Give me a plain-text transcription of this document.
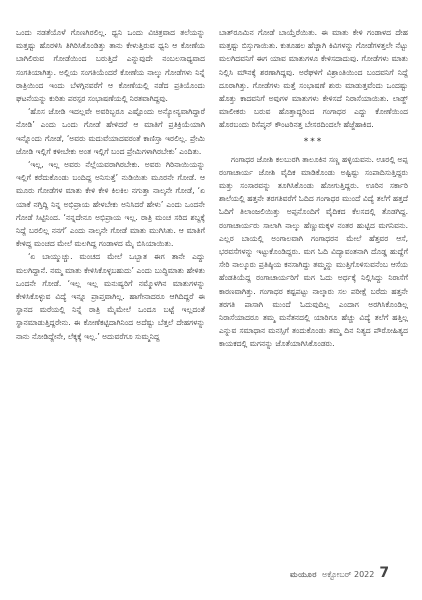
ಒಂದು ನಡತೆಯೊಳೆ ಗೊಣಗಿರಲಿಲ್ಲ. ಧ್ವನಿ ಒಂದು ವಿಚಿತ್ರವಾದ ತಲೆಯನ್ನು ಮತ್ತಷ್ಟು ಹೊರಳಿಸಿ ತಿಗಿರಿಸಿಕೊಂಡಿತ್ತು ತಾನು ಕೇಳುತ್ತಿರುವ ಧ್ವನಿ ಆ ಕೋಣೆಯ ಬಾಗಿಲಿರುವ ಗೋಡೆಯಿಂದ ಬರುತ್ತಿದೆ ಎನ್ನುವುದೇ ನಂಬಲಸಾಧ್ಯವಾದ ಸಂಗತಿಯಾಗಿತ್ತು. ಅಲ್ಲಿಯ ಸಂಗತಿಯೆಂದರೆ ಕೋಣೆಯ ನಾಲ್ಕು ಗೋಡೆಗಳು ನಿನ್ನೆ ರಾತ್ರಿಯಿಂದ ಇಂದು ಬೆಳಗ್ಗಿನವರೆಗೆ ಆ ಕೋಣೆಯಲ್ಲಿ ನಡೆದ ಪ್ರತಿಯೊಂದು ಘಟನೆಯನ್ನು ಕುರಿತು ಪರಸ್ಪರ ಸಂಭಾಷಣೆಯಲ್ಲಿ ನಿರತವಾಗಿದ್ದವು.

‘ಹೊಸ ಜೋಡಿ ಇದಲ್ಲವೇ ಅವರಿಬ್ಬರೂ ಎಷ್ಟೊಂದು ಅನ್ಯೋನ್ಯವಾಗಿದ್ದಾರೆ ನೋಡಿ’ ಎಂದು ಒಂದು ಗೋಡೆ ಹೇಳಿದರೆ ಆ ಮಾತಿಗೆ ಪ್ರತಿಕ್ರಿಯೆಯಾಗಿ ಇನ್ನೊಂದು ಗೋಡೆ, ‘ಅವರು ಮದುವೆಯಾದವರಂತೆ ಕಾಣಿಸ್ತಾ ಇರಲಿಲ್ಲ. ಪ್ರೇಮಿ ಜೋಡಿ ಇಲ್ಲಿಗೆ ಕಳೀಬೇಕು ಅಂತ ಇಲ್ಲಿಗೆ ಬಂದ ಪ್ರೇಮಿಗಳಾಗಿರಬೇಕು’ ಎಂದಿತು.

‘ಇಲ್ಲ, ಇಲ್ಲ ಅವರು ನೆಲ್ಲೆಯವರಾಗಿರಬೇಕು. ಅವರು ಗಿರಿನಾಯಿಯನ್ನು ಇಲ್ಲಿಗೆ ಕರೆದುಕೊಂಡು ಬಂದಿದ್ದ ಅನಿಸುತ್ತೆ’ ನುಡಿಯಿತು ಮೂರನೇ ಗೋಡೆ. ಆ ಮೂರು ಗೋಡೆಗಳ ಮಾತು ಕೇಳಿ ಕೇಳಿ ಕಿಲಕಿಲ ನಗುತ್ತಾ ನಾಲ್ಕನೇ ಗೋಡೆ, ‘ಏ ಯಾಕೆ ನಗ್ತಿದ್ದಿ ನಿನ್ನ ಅಭಿಪ್ರಾಯ ಹೇಳಬೇಕು ಅನಿಸಿದರೆ ಹೇಳು’ ಎಂದು ಒಂದನೇ ಗೋಡೆ ಸಿಟ್ಟಿನಿಂದ. ‘ನನ್ನದೇನೂ ಅಭಿಪ್ರಾಯ ಇಲ್ಲ. ರಾತ್ರಿ ಮಂಚ ಸರಿದ ಶಬ್ದಕ್ಕೆ ನಿದ್ದೆ ಬರಲಿಲ್ಲ ನನಗೆ’ ಎಂದು ನಾಲ್ಕನೇ ಗೋಡೆ ಮಾತು ಮುಗಿಸಿತು. ಆ ಮಾತಿಗೆ ಕೇಳಿದ್ದ ಮಂಚದ ಮೇಲೆ ಮಲಗಿದ್ದ ಗಂಡಾಳದ ಮೈ ಬಿಸಿಯಾಯಿತು.

‘ಏ ಬಾಯ್ಮುಚ್ಚು. ಮಂಚದ ಮೇಲೆ ಒಬ್ಬಾತ ಈಗ ತಾನೇ ಎದ್ದು ಮಲಗಿದ್ದಾನೆ. ನಮ್ಮ ಮಾತು ಕೇಳಿಸಿಕೊಳ್ಳಬಹುದು’ ಎಂದು ಬುದ್ಧಿಮಾತು ಹೇಳಿತು ಒಂದನೇ ಗೋಡೆ. ‘ಇಲ್ಲ ಇಲ್ಲ ಮನುಷ್ಯರಿಗೆ ನಮ್ಮೊಳಗಿನ ಮಾತುಗಳನ್ನು ಕೇಳಿಸಿಕೊಳ್ಳುವ ವಿದ್ಯೆ ಇನ್ನೂ ಪ್ರಾಪ್ತವಾಗಿಲ್ಲ. ಹಾಗೇನಾದರೂ ಆಗಿದಿದ್ದರೆ ಈ ಸ್ಥಾನದ ಮರೆಯಲ್ಲಿ ನಿನ್ನೆ ರಾತ್ರಿ ಮೈಮೇಲೆ ಒಂದೂ ಬಟ್ಟೆ ಇಲ್ಲದಂತೆ ಸ್ಥಾನಮಾಡುತ್ತಿದ್ದರೇನು. ಈ ಕೋಣೆಕಟ್ಟಿದಾಗಿನಿಂದ ಅದೆಷ್ಟು ಬೆತ್ತಲೆ ದೇಹಗಳನ್ನು ನಾನು ನೋಡಿದ್ದೇನೇ, ಲೆಕ್ಕಕ್ಕೆ ಇಲ್ಲ.’ ಅದುವರೆಗೂ ಸುಮ್ಮನಿದ್ದ

ಬಾತ್‌ರೂಮಿನ ಗೋಡೆ ಬಾಯ್ತೆರೆಯಿತು. ಈ ಮಾತು ಕೇಳಿ ಗಂಡಾಳದ ದೇಹ ಮತ್ತಷ್ಟು ಬಿಸ್ತುಗಾಯಿತು. ಕುತೂಹಲ ಹೆಚ್ಚಾಗಿ ಕಿವಿಗಳನ್ನು ಗೋಡೆಗಳತ್ತಲೇ ನೆಟ್ಟು ಮಲಗಿದವನಿಗೆ ಈಗ ಯಾವ ಮಾತುಗಳೂ ಕೇಳಿಸದಾದುವು. ಗೋಡೆಗಳು ಮಾತು ನಿಲ್ಲಿಸಿ ಮೌನಕ್ಕೆ ಶರಣಾಗಿದ್ದವು. ಅರೆಘಳಿಗೆ ವಿಶ್ರಾಂತಿಯಿಂದ ಬಂದವನಿಗೆ ನಿದ್ದೆ ದೂರಾಗಿತ್ತು. ಗೋಡೆಗಳು ಮತ್ತೆ ಸಂಭಾಷಣೆ ಶುರು ಮಾಡುತ್ತವೆಂದು ಒಂದಷ್ಟು ಹೊತ್ತು ಕಾದವನಿಗೆ ಅವುಗಳ ಮಾತುಗಳು ಕೇಳಿಸದೆ ನಿರಾಸೆಯಾಯಿತು. ಲಾಡ್ಜ್ ಮಾಲೀಕರು ಬರುವ ಹೊತ್ತಾದ್ದರಿಂದ ಗಂಗಾಧರ ಎದ್ದು ಕೋಣೆಯಿಂದ ಹೊರಬಂದು ರಿಸೆಪ್ಶನ್ ಕೌಂಟರಿನತ್ತ ಬೇಸರದಿಂದಲೇ ಹೆಜ್ಜೆಹಾಕಿದ.

***

ಗಂಗಾಧರ ಜೋಶಿ ಕಲಬುರಗಿ ತಾಲೂಕಿನ ಸಣ್ಣ ಹಳ್ಳಿಯವನು. ಊರಲ್ಲಿ ಅಪ್ಪ ರಂಗಾಚಾರ್ಯ ಜೋಶಿ ವೈದಿಕ ಮಾಡಿಕೊಂಡು ಅಷ್ಟಿಷ್ಟು ಸಂಪಾದಿಸುತ್ತಿದ್ದರು ಮತ್ತು ಸಂಸಾರವನ್ನು ತೂಗಿಸಿಕೊಂಡು ಹೋಗುತ್ತಿದ್ದರು. ಊರಿನ ಸರ್ಕಾರಿ ಶಾಲೆಯಲ್ಲಿ ಹತ್ತನೇ ತರಗತಿವರೆಗೆ ಓದಿದ ಗಂಗಾಧರ ಮುಂದೆ ವಿದ್ಯೆ ತಲೆಗೆ ಹತ್ತದೆ ಓದಿಗೆ ತಿಲಾಂಜಲಿಯಿತ್ತು ಅಪ್ಪನೊಂದಿಗೆ ವೈದಿಕದ ಕೆಲಸದಲ್ಲಿ ತೊಡಗಿದ್ದ. ರಂಗಾಚಾರ್ಯರು ಸಾಲಾಗಿ ನಾಲ್ಕು ಹೆಣ್ಣುಮಕ್ಕಳ ನಂತರ ಹುಟ್ಟಿದ ಮಗನಿವನು. ಎಲ್ಲರ ಬಾಯಲ್ಲಿ ಅಂಗಾಲವಾಗಿ ಗಂಗಾಧರನ ಮೇಲೆ ಹೆತ್ತವರ ಆಸೆ, ಭರವಸೆಗಳನ್ನು ಇಟ್ಟುಕೊಂಡಿದ್ದರು. ಮಗ ಓದಿ ವಿದ್ಯಾವಂತನಾಗಿ ದೊಡ್ಡ ಹುದ್ದೆಗೆ ಸೇರಿ ನಾಲ್ಕೂರು ಪ್ರತಿಷ್ಠಿಯ ಕನಸಾಗಿದ್ದು ತಮ್ಮನ್ನು ಮುತ್ತಿಗೊಳಿಸುವನೆಂಬ ಆಸೆಯ ಹೆಂಡತಿಯೆದ್ದ ರಂಗಾಚಾರ್ಯರಿಗೆ ಮಗ ಓದು ಅರ್ಧಕ್ಕೆ ನಿಲ್ಲಿಸಿದ್ದು ನಿರಾಸೆಗೆ ಕಾರಣವಾಗಿತ್ತು. ಗಂಗಾಧರ ಕಷ್ಟಪಟ್ಟು ನಾಲ್ಕಾರು ಸಲ ಪರೀಕ್ಷೆ ಬರೆದು ಹತ್ತನೇ ತರಗತಿ ಪಾಸಾಗಿ ಮುಂದೆ ಓದುವುದಿಲ್ಲ ಎಂದಾಗ ಅರಗಿಸಿಕೊಂಡಿಲ್ಲ ನಿರಾಸೆಯಾದರೂ ತಮ್ಮ ಮನೆತನದಲ್ಲಿ ಯಾರಿಗೂ ಹೆಚ್ಚು ವಿದ್ಯೆ ತಲೆಗೆ ಹತ್ತಿಲ್ಲ ಎನ್ನುವ ಸಮಾಧಾನ ಮನಸ್ಸಿಗೆ ತಂದುಕೊಂಡು ತಮ್ಮ ದಿನ ನಿತ್ಯದ ಪೌರೋಹಿತ್ಯದ ಕಾಯಕದಲ್ಲಿ ಮಗನನ್ನು ಜೊತೆಯಾಗಿಸಿಕೊಂಡರು.

ಮಯೂರ ಅಕ್ಟೋಬರ್ 2022 7
